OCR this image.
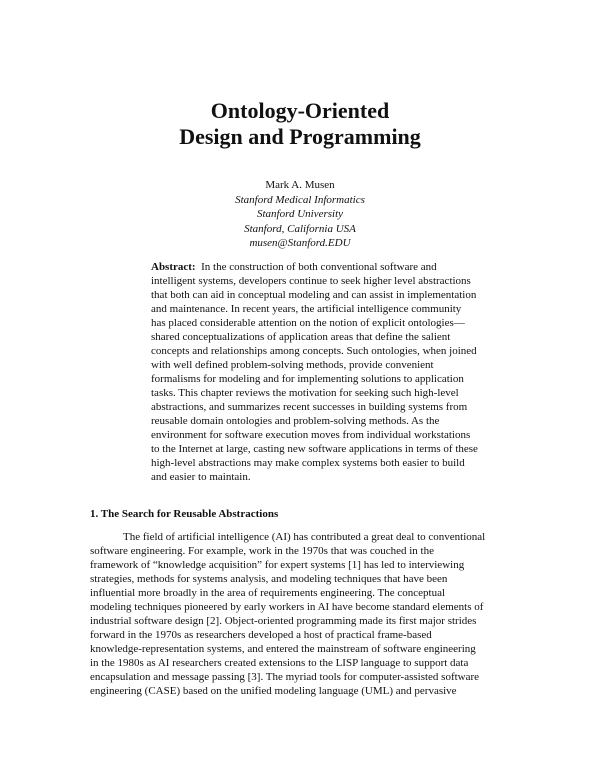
Ontology-Oriented
Design and Programming
Mark A. Musen
Stanford Medical Informatics
Stanford University
Stanford, California USA
musen@Stanford.EDU
Abstract: In the construction of both conventional software and
intelligent systems, developers continue to seek higher level abstractions
that both can aid in conceptual modeling and can assist in implementation
and maintenance. In recent years, the artificial intelligence community
has placed considerable attention on the notion of explicit ontologies—
shared conceptualizations of application areas that define the salient
concepts and relationships among concepts. Such ontologies, when joined
with well defined problem-solving methods, provide convenient
formalisms for modeling and for implementing solutions to application
tasks. This chapter reviews the motivation for seeking such high-level
abstractions, and summarizes recent successes in building systems from
reusable domain ontologies and problem-solving methods. As the
environment for software execution moves from individual workstations
to the Internet at large, casting new software applications in terms of these
high-level abstractions may make complex systems both easier to build
and easier to maintain.
1. The Search for Reusable Abstractions
The field of artificial intelligence (AI) has contributed a great deal to conventional
software engineering. For example, work in the 1970s that was couched in the
framework of “knowledge acquisition” for expert systems [1] has led to interviewing
strategies, methods for systems analysis, and modeling techniques that have been
influential more broadly in the area of requirements engineering. The conceptual
modeling techniques pioneered by early workers in AI have become standard elements of
industrial software design [2]. Object-oriented programming made its first major strides
forward in the 1970s as researchers developed a host of practical frame-based
knowledge-representation systems, and entered the mainstream of software engineering
in the 1980s as AI researchers created extensions to the LISP language to support data
encapsulation and message passing [3]. The myriad tools for computer-assisted software
engineering (CASE) based on the unified modeling language (UML) and pervasive
